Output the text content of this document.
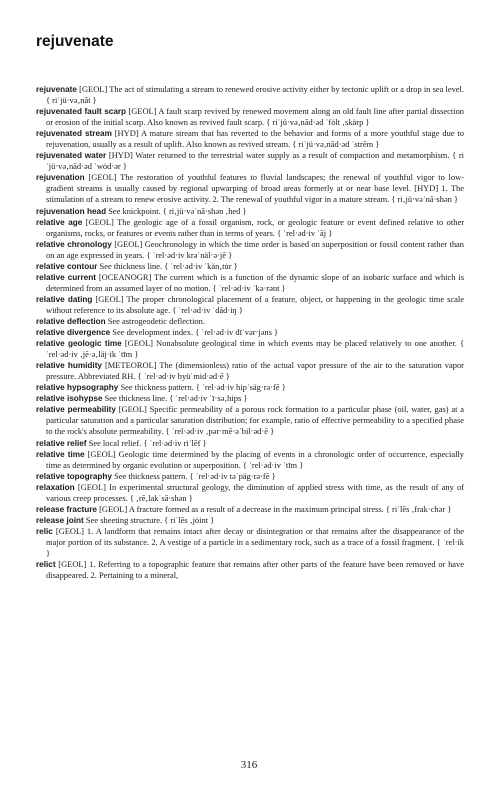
rejuvenate
rejuvenate [GEOL] The act of stimulating a stream to renewed erosive activity either by tectonic uplift or a drop in sea level. { riˈjü·və‚nāt }
rejuvenated fault scarp [GEOL] A fault scarp revived by renewed movement along an old fault line after partial dissection or erosion of the initial scarp. Also known as revived fault scarp. { riˈjü·və‚nād·əd ˈfȯlt ‚skärp }
rejuvenated stream [HYD] A mature stream that has reverted to the behavior and forms of a more youthful stage due to rejuvenation, usually as a result of uplift. Also known as revived stream. { riˈjü·və‚nād·əd ˈstrēm }
rejuvenated water [HYD] Water returned to the terrestrial water supply as a result of compaction and metamorphism. { riˈjü·və‚nād·əd ˈwȯd·ər }
rejuvenation [GEOL] The restoration of youthful features to fluvial landscapes; the renewal of youthful vigor to low-gradient streams is usually caused by regional upwarping of broad areas formerly at or near base level. [HYD] 1. The stimulation of a stream to renew erosive activity. 2. The renewal of youthful vigor in a mature stream. { ri‚jü·vəˈnā·shən }
rejuvenation head See knickpoint. { ri‚jü·vəˈnā·shən ‚hed }
relative age [GEOL] The geologic age of a fossil organism, rock, or geologic feature or event defined relative to other organisms, rocks, or features or events rather than in terms of years. { ˈrel·əd·iv ˈāj }
relative chronology [GEOL] Geochronology in which the time order is based on superposition or fossil content rather than on an age expressed in years. { ˈrel·əd·iv krəˈnäl·ə·jē }
relative contour See thickness line. { ˈrel·əd·iv ˈkän‚tu̇r }
relative current [OCEANOGR] The current which is a function of the dynamic slope of an isobaric surface and which is determined from an assumed layer of no motion. { ˈrel·əd·iv ˈkə·rənt }
relative dating [GEOL] The proper chronological placement of a feature, object, or happening in the geologic time scale without reference to its absolute age. { ˈrel·əd·iv ˈdād·iŋ }
relative deflection See astrogeodetic deflection.
relative divergence See development index. { ˈrel·əd·iv dīˈvər·jəns }
relative geologic time [GEOL] Nonabsolute geological time in which events may be placed relatively to one another. { ˈrel·əd·iv ‚jē·ə‚läj·ik ˈtīm }
relative humidity [METEOROL] The (dimensionless) ratio of the actual vapor pressure of the air to the saturation vapor pressure. Abbreviated RH. { ˈrel·əd·iv hyüˈmid·əd·ē }
relative hypsography See thickness pattern. { ˈrel·əd·iv hipˈsäg·rə·fē }
relative isohypse See thickness line. { ˈrel·əd·iv ˈī·sə‚hips }
relative permeability [GEOL] Specific permeability of a porous rock formation to a particular phase (oil, water, gas) at a particular saturation and a particular saturation distribution; for example, ratio of effective permeability to a specified phase to the rock's absolute permeability. { ˈrel·əd·iv ‚pər·mē·əˈbil·əd·ē }
relative relief See local relief. { ˈrel·əd·iv riˈlēf }
relative time [GEOL] Geologic time determined by the placing of events in a chronologic order of occurrence, especially time as determined by organic evolution or superposition. { ˈrel·əd·iv ˈtīm }
relative topography See thickness pattern. { ˈrel·əd·iv təˈpäg·rə·fē }
relaxation [GEOL] In experimental structural geology, the diminution of applied stress with time, as the result of any of various creep processes. { ‚rē‚lakˈsā·shən }
release fracture [GEOL] A fracture formed as a result of a decrease in the maximum principal stress. { riˈlēs ‚frak·chər }
release joint See sheeting structure. { riˈlēs ‚jȯint }
relic [GEOL] 1. A landform that remains intact after decay or disintegration or that remains after the disappearance of the major portion of its substance. 2. A vestige of a particle in a sedimentary rock, such as a trace of a fossil fragment. { ˈrel·ik }
relict [GEOL] 1. Referring to a topographic feature that remains after other parts of the feature have been removed or have disappeared. 2. Pertaining to a mineral,
316
